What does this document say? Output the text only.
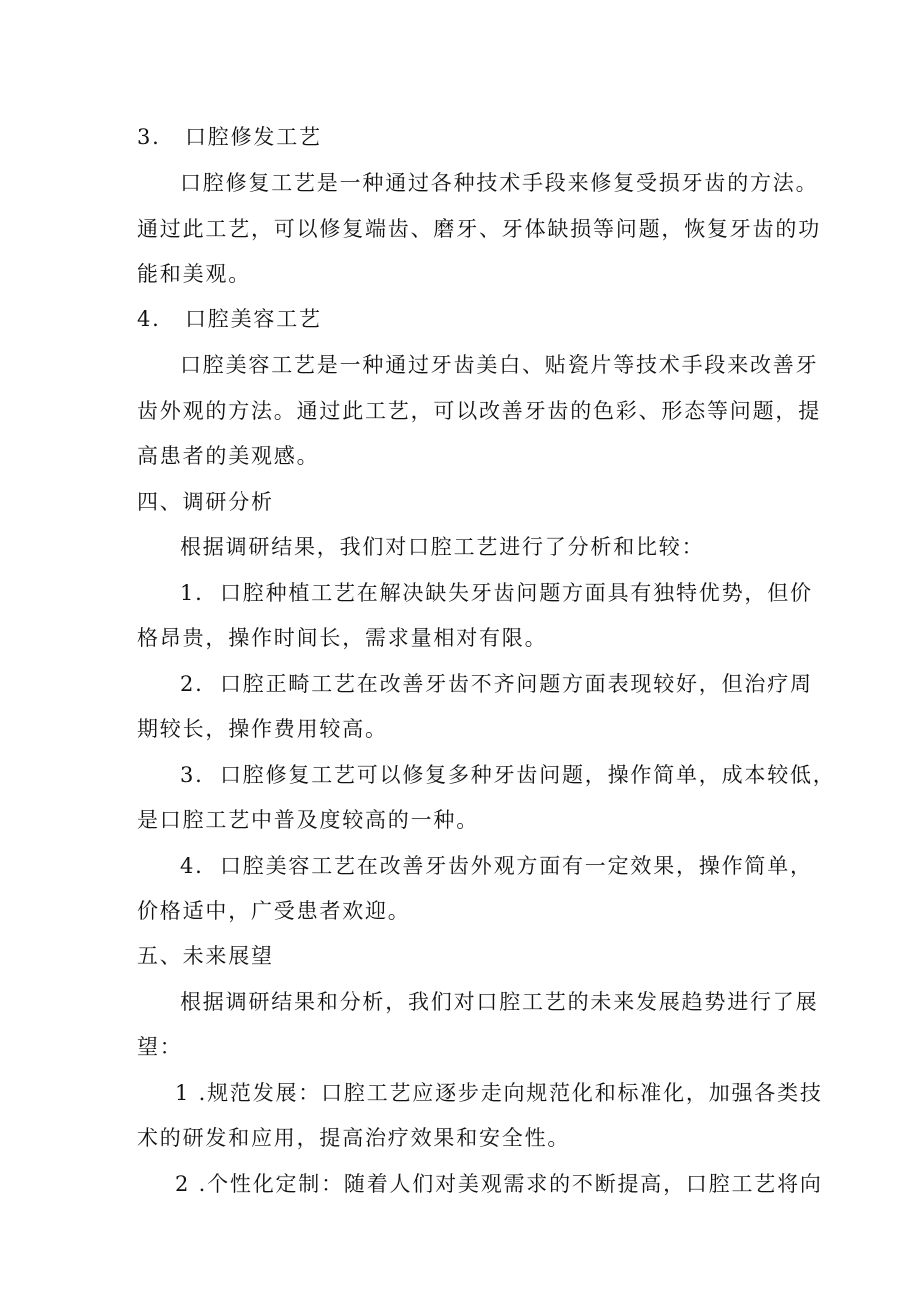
3. 口腔修发工艺
口腔修复工艺是一种通过各种技术手段来修复受损牙齿的方法。
通过此工艺，可以修复端齿、磨牙、牙体缺损等问题，恢复牙齿的功
能和美观。
4. 口腔美容工艺
口腔美容工艺是一种通过牙齿美白、贴瓷片等技术手段来改善牙
齿外观的方法。通过此工艺，可以改善牙齿的色彩、形态等问题，提
高患者的美观感。
四、调研分析
根据调研结果，我们对口腔工艺进行了分析和比较：
1. 口腔种植工艺在解决缺失牙齿问题方面具有独特优势，但价
格昂贵，操作时间长，需求量相对有限。
2. 口腔正畸工艺在改善牙齿不齐问题方面表现较好，但治疗周
期较长，操作费用较高。
3. 口腔修复工艺可以修复多种牙齿问题，操作简单，成本较低，
是口腔工艺中普及度较高的一种。
4. 口腔美容工艺在改善牙齿外观方面有一定效果，操作简单，
价格适中，广受患者欢迎。
五、未来展望
根据调研结果和分析，我们对口腔工艺的未来发展趋势进行了展
望：
1 .规范发展：口腔工艺应逐步走向规范化和标准化，加强各类技
术的研发和应用，提高治疗效果和安全性。
2 .个性化定制：随着人们对美观需求的不断提高，口腔工艺将向
